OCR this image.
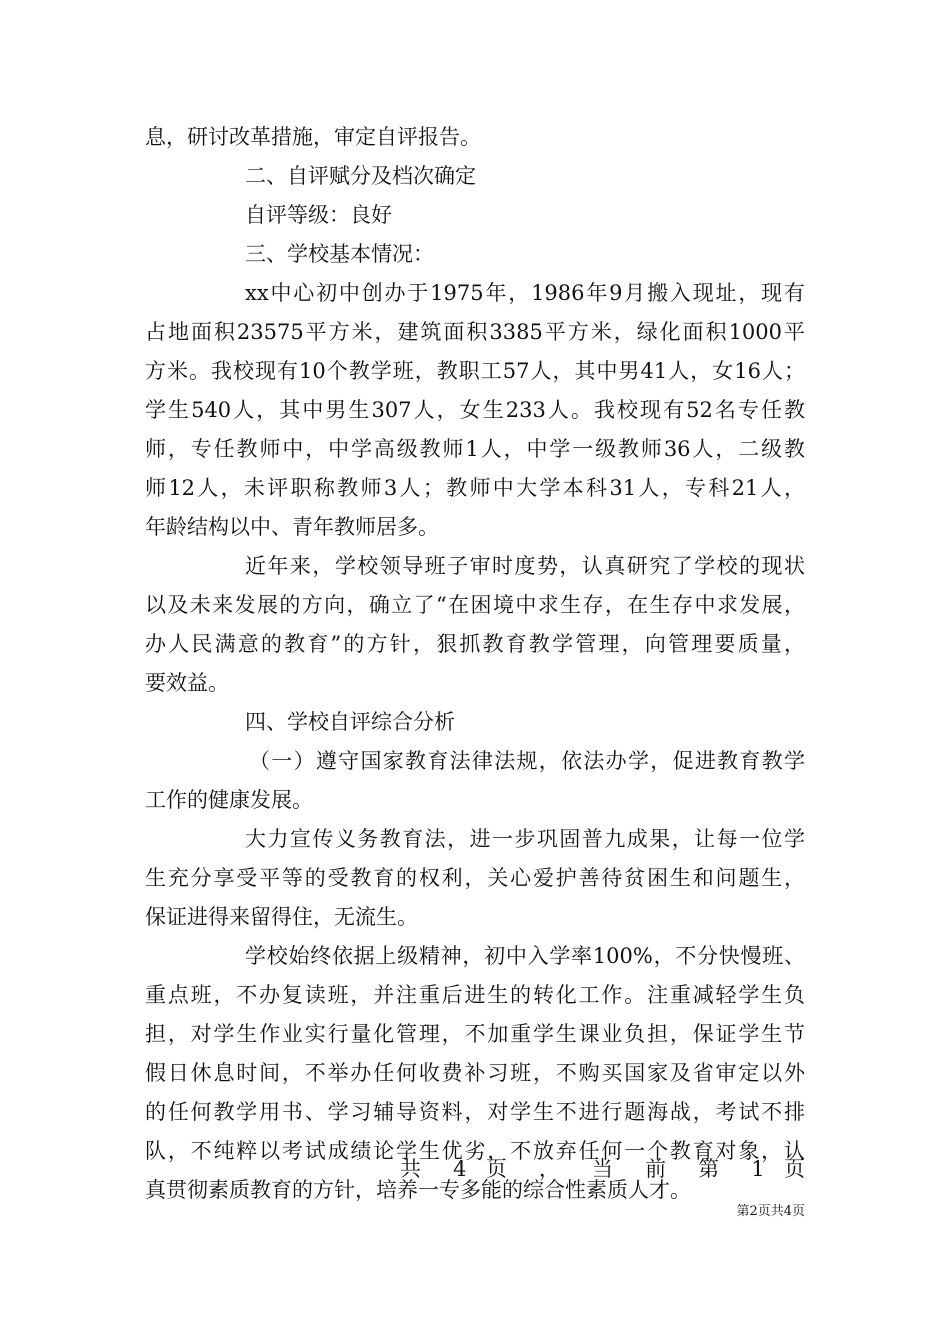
息，研讨改革措施，审定自评报告。
二、自评赋分及档次确定
自评等级：良好
三、学校基本情况：
xx中心初中创办于1975年，1986年9月搬入现址，现有
占地面积23575平方米，建筑面积3385平方米，绿化面积1000平
方米。我校现有10个教学班，教职工57人，其中男41人，女16人；
学生540人，其中男生307人，女生233人。我校现有52名专任教
师，专任教师中，中学高级教师1人，中学一级教师36人，二级教
师12人，未评职称教师3人；教师中大学本科31人，专科21人，
年龄结构以中、青年教师居多。
近年来，学校领导班子审时度势，认真研究了学校的现状
以及未来发展的方向，确立了“在困境中求生存，在生存中求发展，
办人民满意的教育”的方针，狠抓教育教学管理，向管理要质量，
要效益。
四、学校自评综合分析
（一）遵守国家教育法律法规，依法办学，促进教育教学
工作的健康发展。
大力宣传义务教育法，进一步巩固普九成果，让每一位学
生充分享受平等的受教育的权利，关心爱护善待贫困生和问题生，
保证进得来留得住，无流生。
学校始终依据上级精神，初中入学率100%，不分快慢班、
重点班，不办复读班，并注重后进生的转化工作。注重减轻学生负
担，对学生作业实行量化管理，不加重学生课业负担，保证学生节
假日休息时间，不举办任何收费补习班，不购买国家及省审定以外
的任何教学用书、学习辅导资料，对学生不进行题海战，考试不排
队，不纯粹以考试成绩论学生优劣，不放弃任何一个教育对象，认
真贯彻素质教育的方针，培养一专多能的综合性素质人才。
共 4 页 ， 当 前 第 1 页
第2页共4页
